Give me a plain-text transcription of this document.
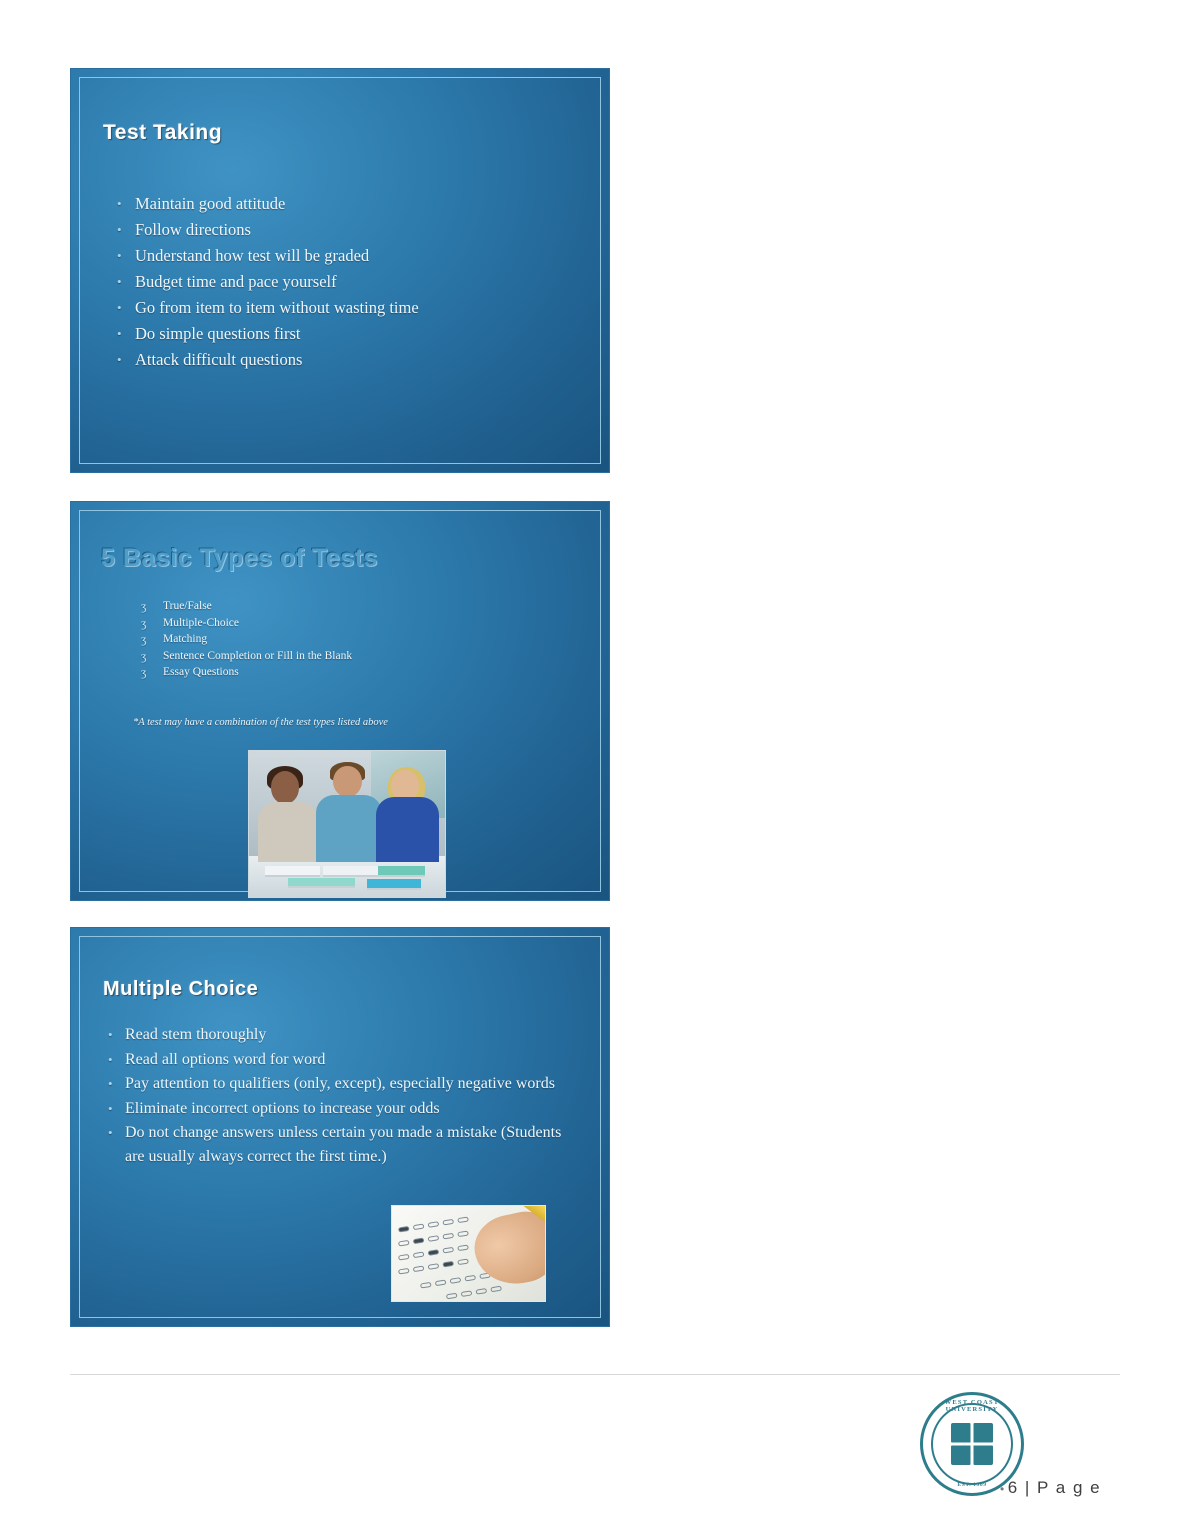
Test Taking
• Maintain good attitude
• Follow directions
• Understand how test will be graded
• Budget time and pace yourself
• Go from item to item without wasting time
• Do simple questions first
• Attack difficult questions
5 Basic Types of Tests
ʒ True/False
ʒ Multiple-Choice
ʒ Matching
ʒ Sentence Completion or Fill in the Blank
ʒ Essay Questions
*A test may have a combination of the test types listed above
Multiple Choice
• Read stem thoroughly
• Read all options word for word
• Pay attention to qualifiers (only, except), especially negative words
• Eliminate incorrect options to increase your odds
• Do not change answers unless certain you made a mistake (Students are usually always correct the first time.)
WEST COAST UNIVERSITY
EST. 1909	• 6 | P a g e
